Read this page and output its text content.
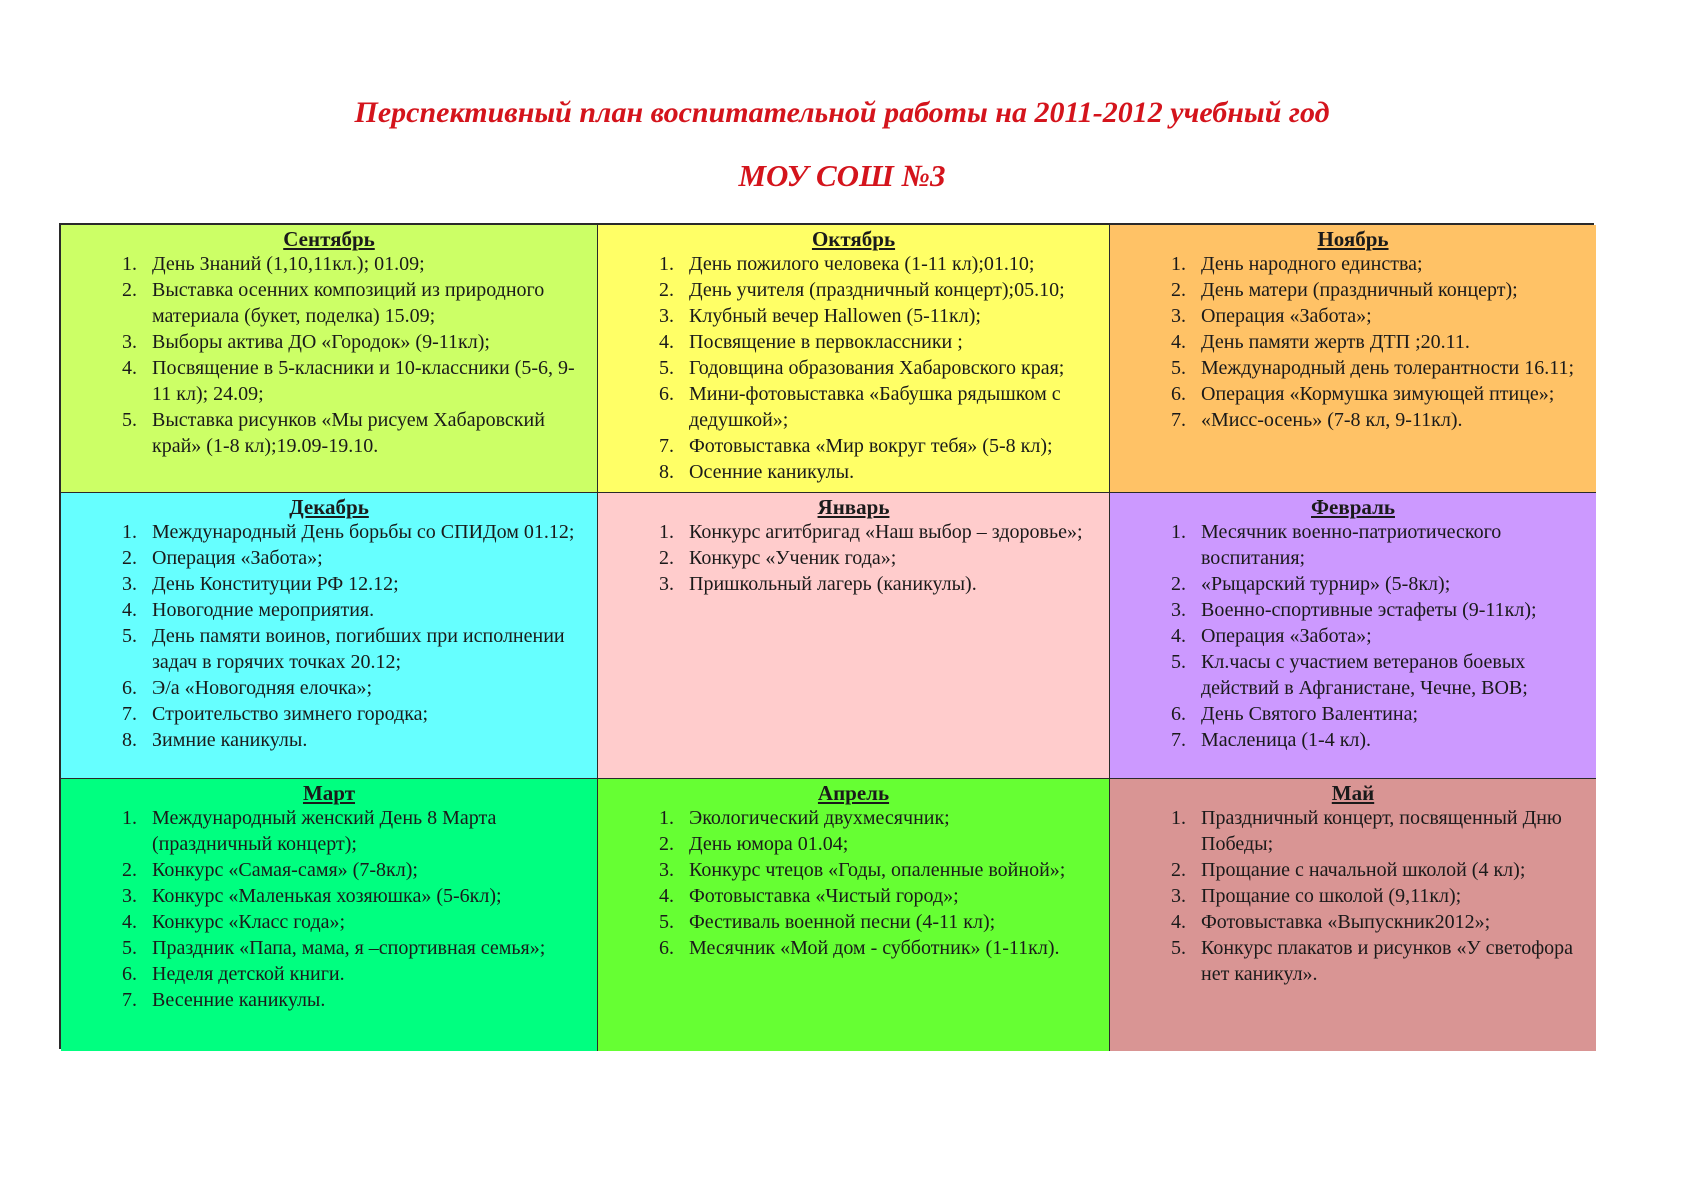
Перспективный план воспитательной работы на 2011-2012 учебный год
МОУ СОШ №3
Сентябрь
1. День Знаний (1,10,11кл.); 01.09;
2. Выставка осенних композиций из природного материала (букет, поделка) 15.09;
3. Выборы актива ДО «Городок» (9-11кл);
4. Посвящение в 5-класники и 10-классники (5-6, 9-11 кл); 24.09;
5. Выставка рисунков «Мы рисуем Хабаровский край» (1-8 кл);19.09-19.10.
Октябрь
1. День пожилого человека (1-11 кл);01.10;
2. День учителя (праздничный концерт);05.10;
3. Клубный вечер Hallowen (5-11кл);
4. Посвящение в первоклассники ;
5. Годовщина образования Хабаровского края;
6. Мини-фотовыставка «Бабушка рядышком с дедушкой»;
7. Фотовыставка «Мир вокруг тебя» (5-8 кл);
8. Осенние каникулы.
Ноябрь
1. День народного единства;
2. День матери (праздничный концерт);
3. Операция «Забота»;
4. День памяти жертв ДТП ;20.11.
5. Международный день толерантности 16.11;
6. Операция «Кормушка зимующей птице»;
7. «Мисс-осень» (7-8 кл, 9-11кл).
Декабрь
1. Международный День борьбы со СПИДом 01.12;
2. Операция «Забота»;
3. День Конституции РФ 12.12;
4. Новогодние мероприятия.
5. День памяти воинов, погибших при исполнении задач в горячих точках 20.12;
6. Э/а «Новогодняя елочка»;
7. Строительство зимнего городка;
8. Зимние каникулы.
Январь
1. Конкурс агитбригад «Наш выбор – здоровье»;
2. Конкурс «Ученик года»;
3. Пришкольный лагерь (каникулы).
Февраль
1. Месячник военно-патриотического воспитания;
2. «Рыцарский турнир» (5-8кл);
3. Военно-спортивные эстафеты (9-11кл);
4. Операция «Забота»;
5. Кл.часы с участием ветеранов боевых действий в Афганистане, Чечне, ВОВ;
6. День Святого Валентина;
7. Масленица (1-4 кл).
Март
1. Международный женский День 8 Марта (праздничный концерт);
2. Конкурс «Самая-самя» (7-8кл);
3. Конкурс «Маленькая хозяюшка» (5-6кл);
4. Конкурс «Класс года»;
5. Праздник «Папа, мама, я –спортивная семья»;
6. Неделя детской книги.
7. Весенние каникулы.
Апрель
1. Экологический двухмесячник;
2. День юмора 01.04;
3. Конкурс чтецов «Годы, опаленные войной»;
4. Фотовыставка «Чистый город»;
5. Фестиваль военной песни (4-11 кл);
6. Месячник «Мой дом - субботник» (1-11кл).
Май
1. Праздничный концерт, посвященный Дню Победы;
2. Прощание с начальной школой (4 кл);
3. Прощание со школой (9,11кл);
4. Фотовыставка «Выпускник2012»;
5. Конкурс плакатов и рисунков «У светофора нет каникул».
